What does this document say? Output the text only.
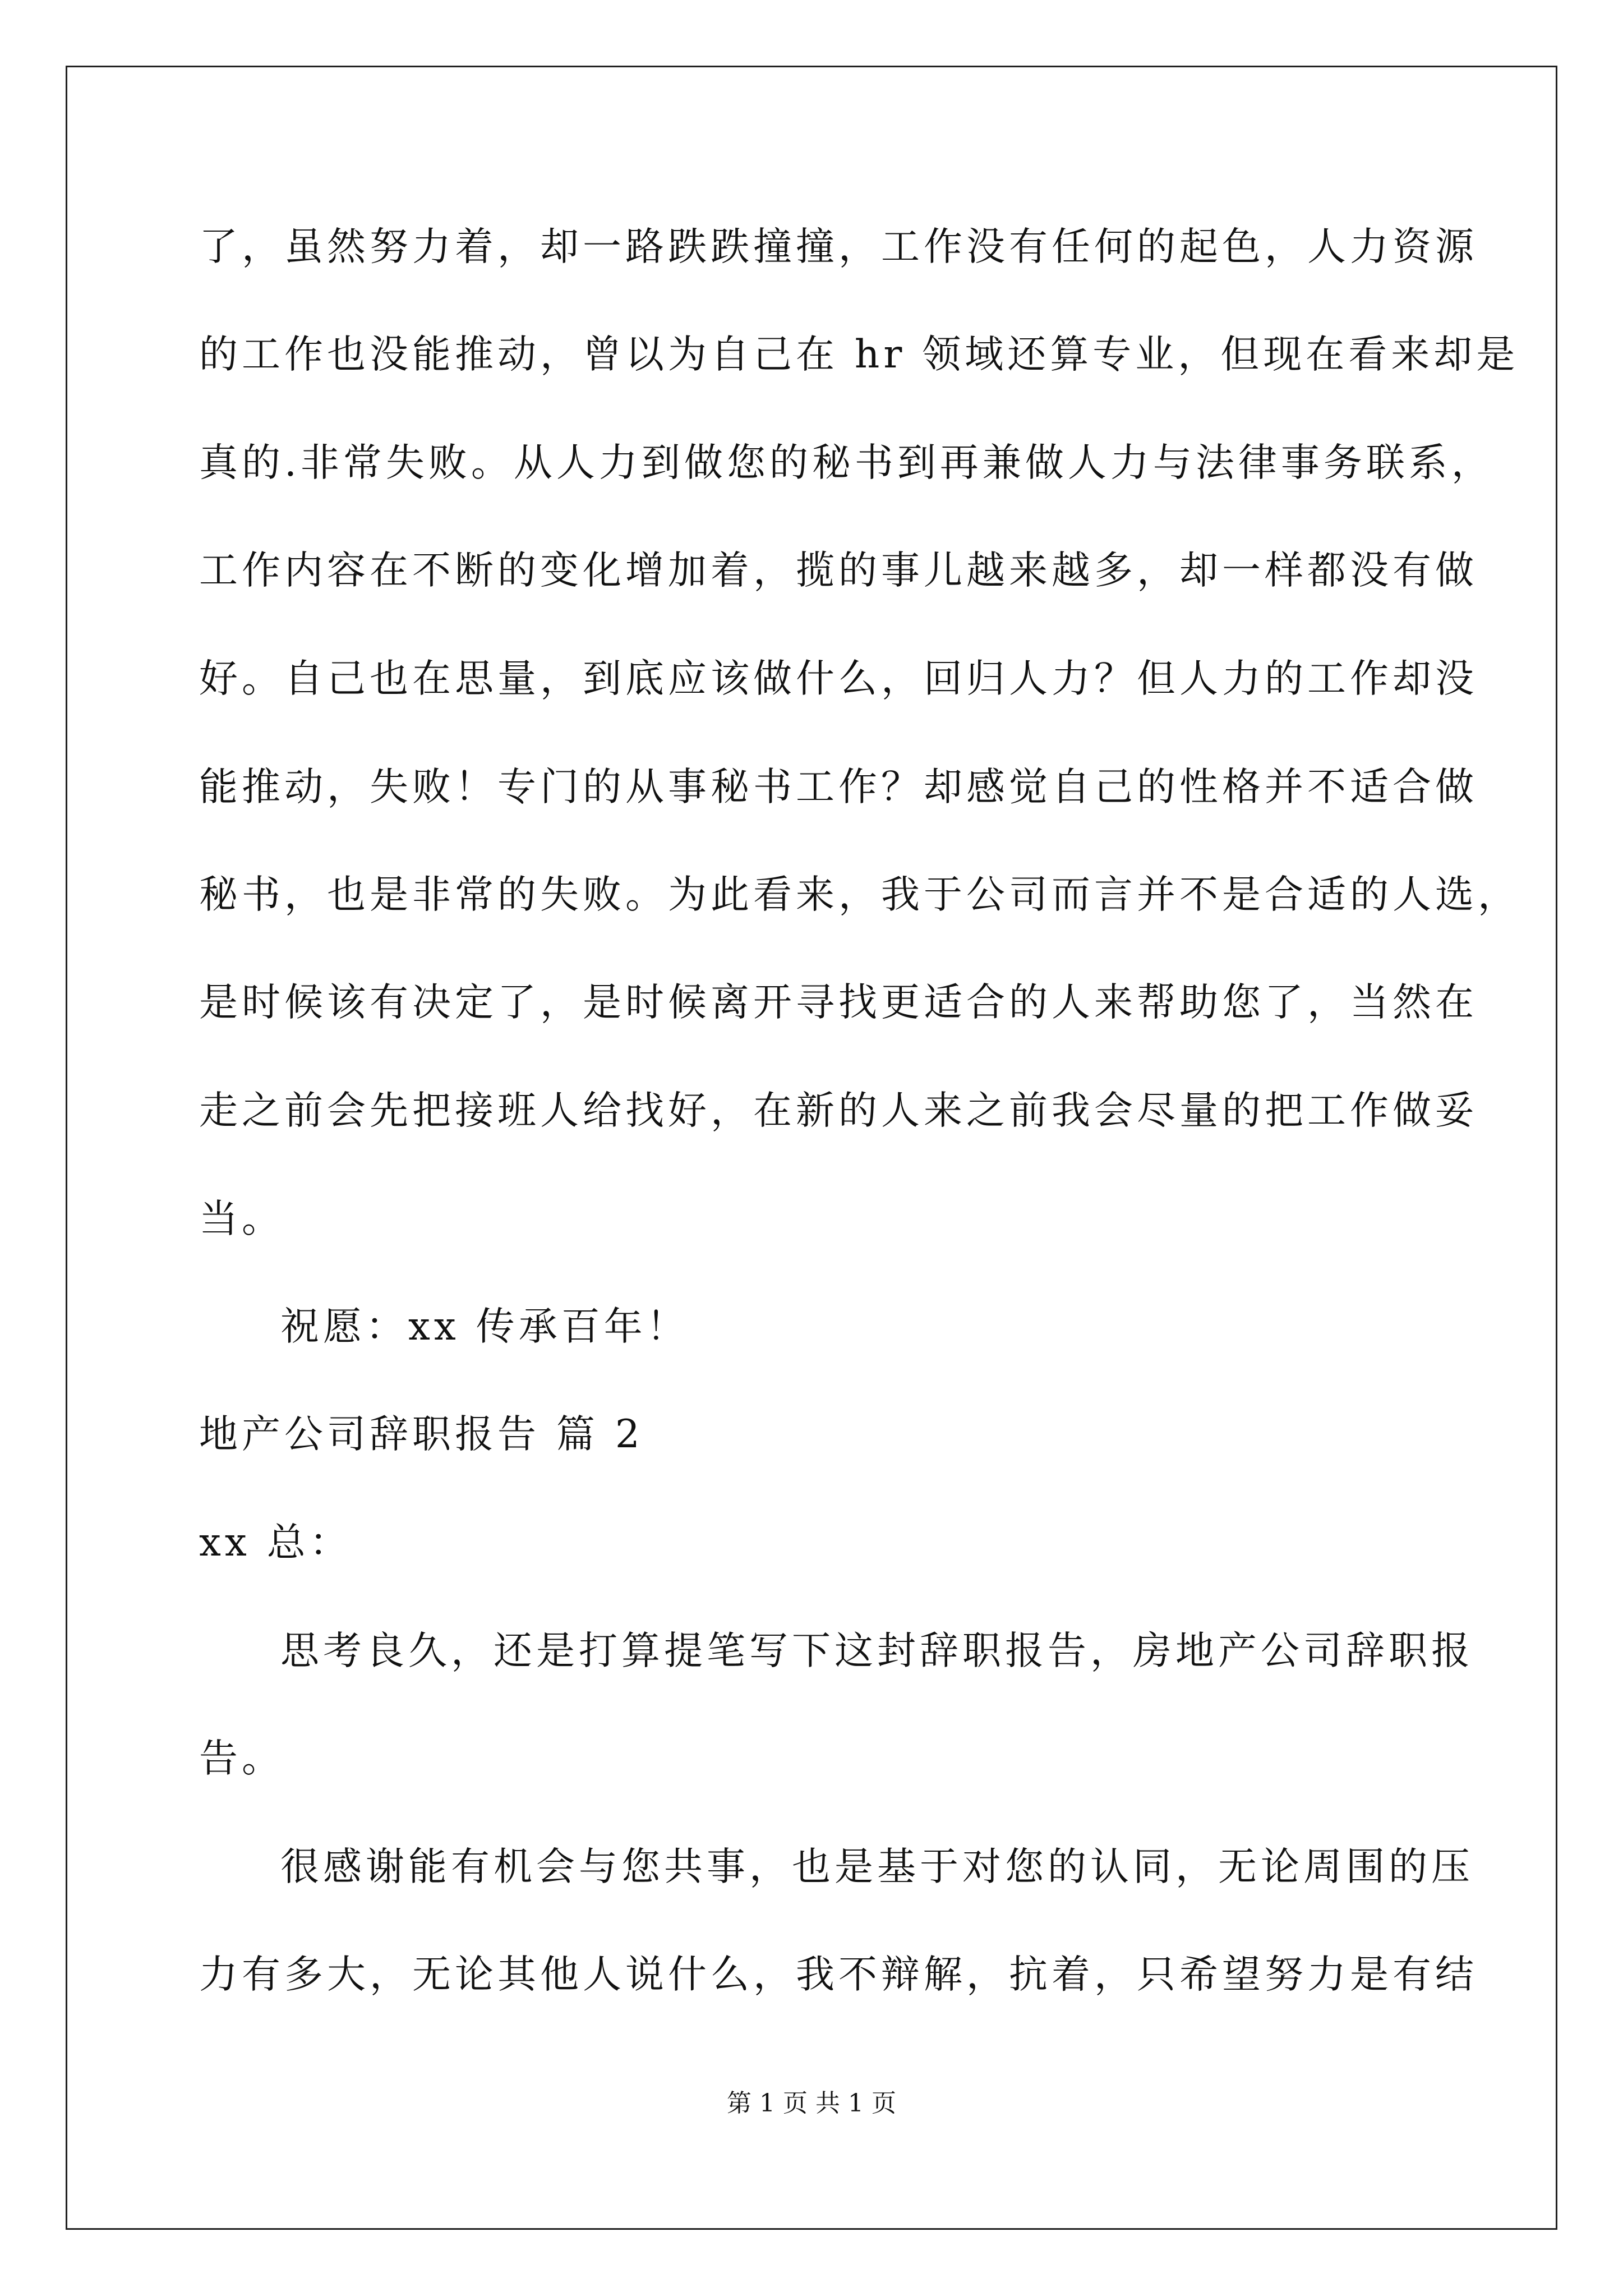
了，虽然努力着，却一路跌跌撞撞，工作没有任何的起色，人力资源
的工作也没能推动，曾以为自己在 hr 领域还算专业，但现在看来却是
真的.非常失败。从人力到做您的秘书到再兼做人力与法律事务联系，
工作内容在不断的变化增加着，揽的事儿越来越多，却一样都没有做
好。自己也在思量，到底应该做什么，回归人力？但人力的工作却没
能推动，失败！专门的从事秘书工作？却感觉自己的性格并不适合做
秘书，也是非常的失败。为此看来，我于公司而言并不是合适的人选，
是时候该有决定了，是时候离开寻找更适合的人来帮助您了，当然在
走之前会先把接班人给找好，在新的人来之前我会尽量的把工作做妥
当。
祝愿：xx 传承百年！
地产公司辞职报告 篇 2
xx 总：
思考良久，还是打算提笔写下这封辞职报告，房地产公司辞职报
告。
很感谢能有机会与您共事，也是基于对您的认同，无论周围的压
力有多大，无论其他人说什么，我不辩解，抗着，只希望努力是有结
第 1 页 共 1 页
